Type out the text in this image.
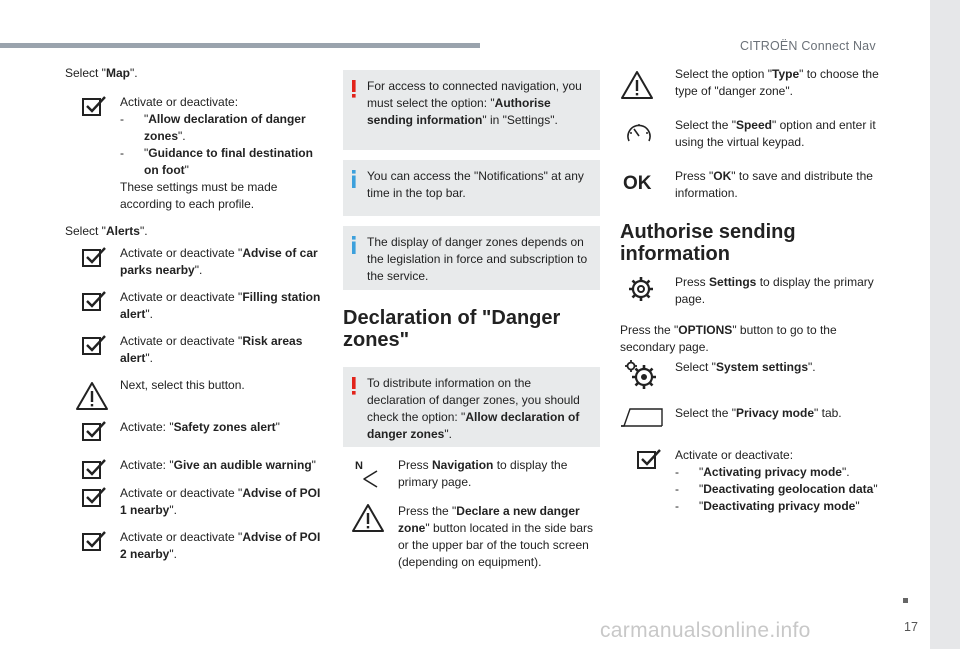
CITROËN Connect Nav
17
carmanualsonline.info

Select "Map".

Activate or deactivate:

- "Allow declaration of danger zones".
- "Guidance to final destination on foot"

These settings must be made according to each profile.

Select "Alerts".

Activate or deactivate "Advise of car parks nearby".

Activate or deactivate "Filling station alert".

Activate or deactivate "Risk areas alert".

Next, select this button.

Activate: "Safety zones alert"

Activate: "Give an audible warning"

Activate or deactivate "Advise of POI 1 nearby".

Activate or deactivate "Advise of POI 2 nearby".

For access to connected navigation, you must select the option: "Authorise sending information" in "Settings".

You can access the "Notifications" at any time in the top bar.

The display of danger zones depends on the legislation in force and subscription to the service.

Declaration of "Danger zones"

To distribute information on the declaration of danger zones, you should check the option: "Allow declaration of danger zones".

N	Press Navigation to display the primary page.

Press the "Declare a new danger zone" button located in the side bars or the upper bar of the touch screen (depending on equipment).

Select the option "Type" to choose the type of "danger zone".

Select the "Speed" option and enter it using the virtual keypad.

OK	Press "OK" to save and distribute the information.

Authorise sending information

Press Settings to display the primary page.

Press the "OPTIONS" button to go to the secondary page.

Select "System settings".

Select the "Privacy mode" tab.

Activate or deactivate:

- "Activating privacy mode".
- "Deactivating geolocation data"
- "Deactivating privacy mode"
